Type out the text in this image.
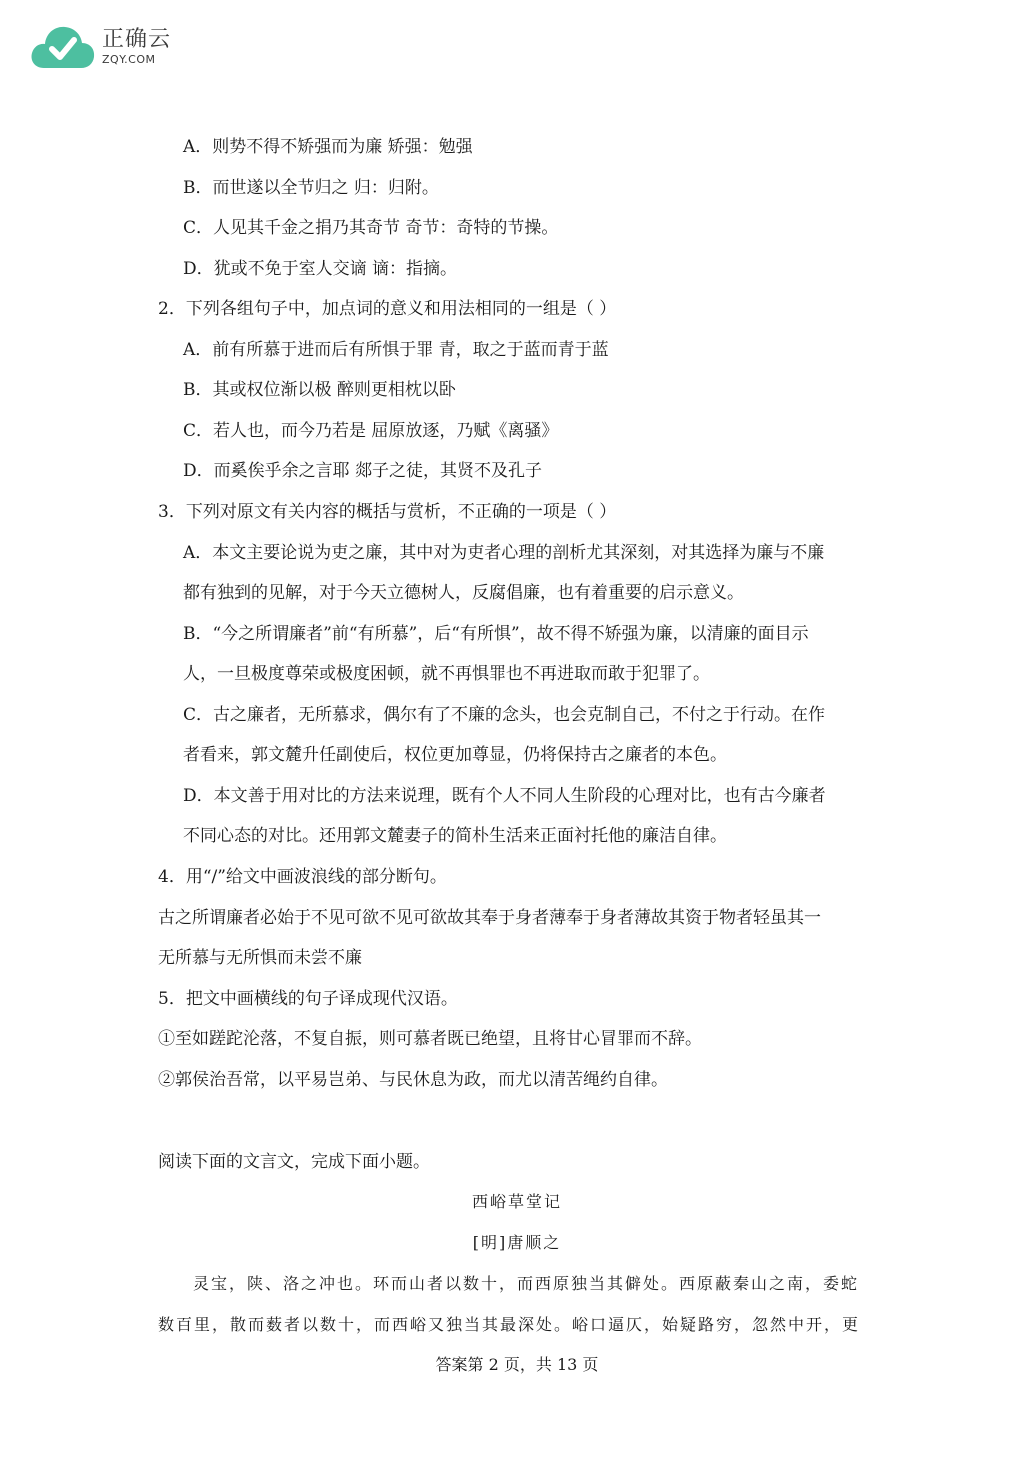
正确云
ZQY.COM
A．则势不得不矫强而为廉 矫强：勉强
B．而世遂以全节归之 归：归附。
C．人见其千金之捐乃其奇节 奇节：奇特的节操。
D．犹或不免于室人交谪 谪：指摘。
2．下列各组句子中，加点词的意义和用法相同的一组是（ ）
A．前有所慕于进而后有所惧于罪 青，取之于蓝而青于蓝
B．其或权位渐以极 醉则更相枕以卧
C．若人也，而今乃若是 屈原放逐，乃赋《离骚》
D．而奚俟乎余之言耶 郯子之徒，其贤不及孔子
3．下列对原文有关内容的概括与赏析，不正确的一项是（ ）
A．本文主要论说为吏之廉，其中对为吏者心理的剖析尤其深刻，对其选择为廉与不廉
都有独到的见解，对于今天立德树人，反腐倡廉，也有着重要的启示意义。
B．“今之所谓廉者”前“有所慕”，后“有所惧”，故不得不矫强为廉，以清廉的面目示
人，一旦极度尊荣或极度困顿，就不再惧罪也不再进取而敢于犯罪了。
C．古之廉者，无所慕求，偶尔有了不廉的念头，也会克制自己，不付之于行动。在作
者看来，郭文麓升任副使后，权位更加尊显，仍将保持古之廉者的本色。
D．本文善于用对比的方法来说理，既有个人不同人生阶段的心理对比，也有古今廉者
不同心态的对比。还用郭文麓妻子的简朴生活来正面衬托他的廉洁自律。
4．用“/”给文中画波浪线的部分断句。
古之所谓廉者必始于不见可欲不见可欲故其奉于身者薄奉于身者薄故其资于物者轻虽其一
无所慕与无所惧而未尝不廉
5．把文中画横线的句子译成现代汉语。
①至如蹉跎沦落，不复自振，则可慕者既已绝望，且将甘心冒罪而不辞。
②郭侯治吾常，以平易岂弟、与民休息为政，而尤以清苦绳约自律。
阅读下面的文言文，完成下面小题。
西峪草堂记
[明]唐顺之
灵宝，陕、洛之冲也。环而山者以数十，而西原独当其僻处。西原蔽秦山之南，委蛇
数百里，散而薮者以数十，而西峪又独当其最深处。峪口逼仄，始疑路穷，忽然中开，更
答案第 2 页，共 13 页
